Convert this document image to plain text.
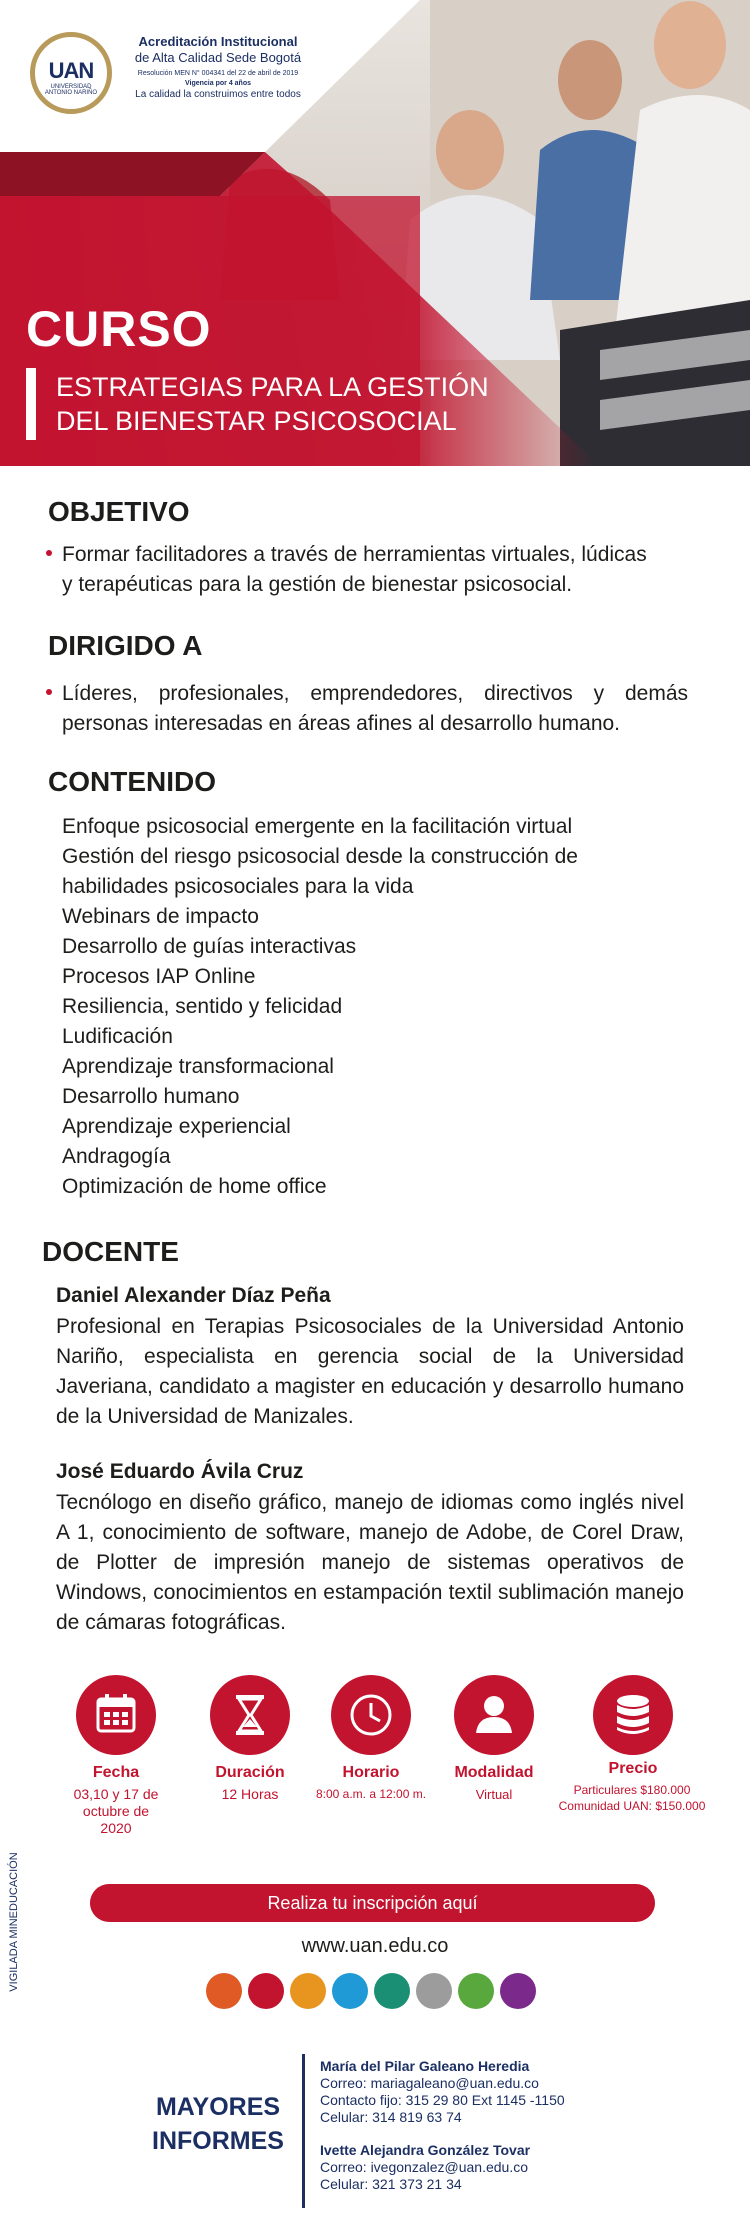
UAN
UNIVERSIDAD ANTONIO NARIÑO
Acreditación Institucional
de Alta Calidad Sede Bogotá
Resolución MEN N° 004341 del 22 de abril de 2019
Vigencia por 4 años
La calidad la construimos entre todos
CURSO
ESTRATEGIAS PARA LA GESTIÓN
DEL BIENESTAR PSICOSOCIAL
OBJETIVO
Formar facilitadores a través de herramientas virtuales, lúdicas
y terapéuticas para la gestión de bienestar psicosocial.
DIRIGIDO A
Líderes, profesionales, emprendedores, directivos y demás
personas interesadas en áreas afines al desarrollo humano.
CONTENIDO
Enfoque psicosocial emergente en la facilitación virtual
Gestión del riesgo psicosocial desde la construcción de
habilidades psicosociales para la vida
Webinars de impacto
Desarrollo de guías interactivas
Procesos IAP Online
Resiliencia, sentido y felicidad
Ludificación
Aprendizaje transformacional
Desarrollo humano
Aprendizaje experiencial
Andragogía
Optimización de home office
DOCENTE
Daniel Alexander Díaz Peña
Profesional en Terapias Psicosociales de la Universidad Antonio Nariño, especialista en gerencia social de la Universidad Javeriana, candidato a magister en educación y desarrollo humano de la Universidad de Manizales.
José Eduardo Ávila Cruz
Tecnólogo en diseño gráfico, manejo de idiomas como inglés nivel A 1, conocimiento de software, manejo de Adobe, de Corel Draw, de Plotter de impresión manejo de sistemas operativos de Windows, conocimientos en estampación textil sublimación manejo de cámaras fotográficas.
Fecha
03,10 y 17 de
octubre de
2020
Duración
12 Horas
Horario
8:00 a.m. a 12:00 m.
Modalidad
Virtual
Precio
Particulares $180.000
Comunidad UAN: $150.000
VIGILADA MINEDUCACIÓN	Realiza tu inscripción aquí
www.uan.edu.co
MAYORES
INFORMES
María del Pilar Galeano Heredia
Correo: mariagaleano@uan.edu.co
Contacto fijo: 315 29 80 Ext 1145 -1150
Celular: 314 819 63 74
Ivette Alejandra González Tovar
Correo: ivegonzalez@uan.edu.co
Celular: 321 373 21 34
